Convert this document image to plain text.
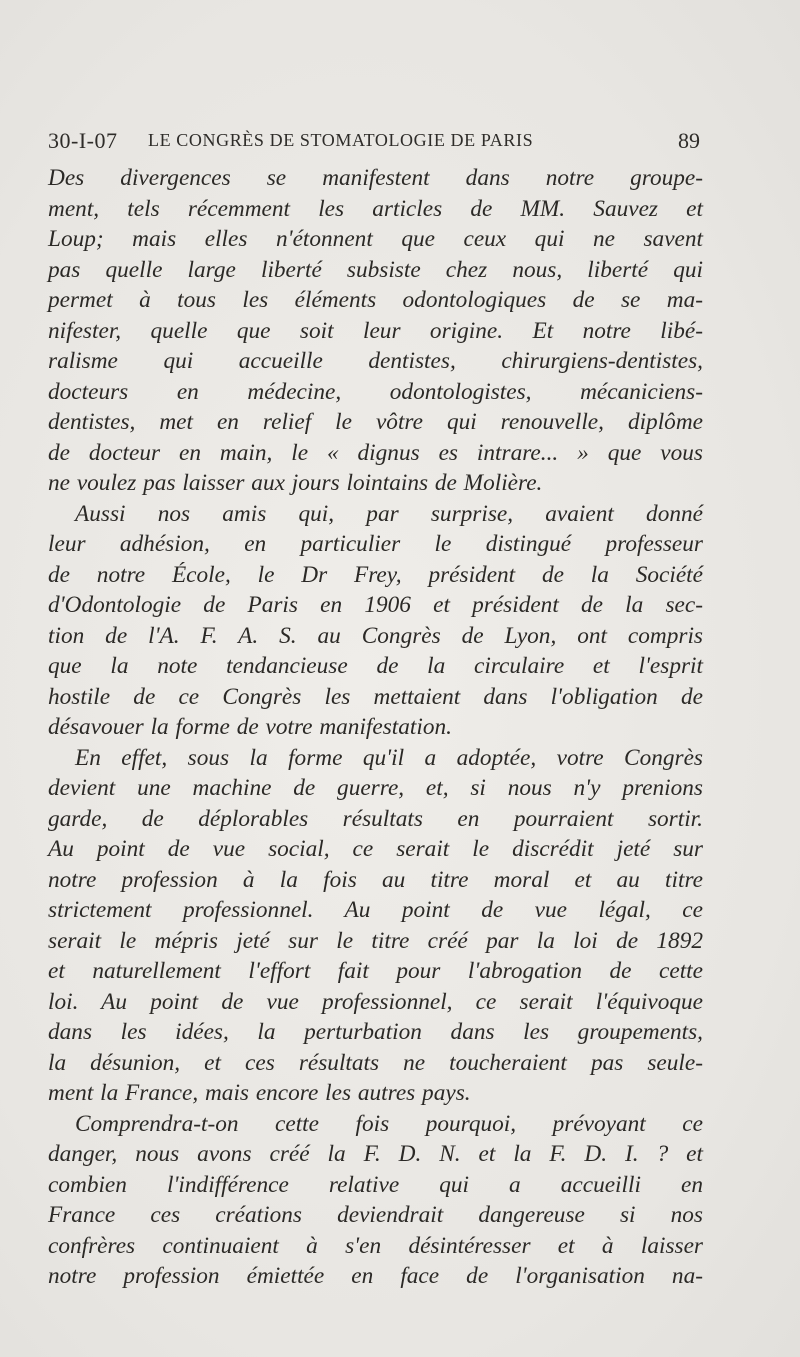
30-I-07 LE CONGRÈS DE STOMATOLOGIE DE PARIS	89
Des divergences se manifestent dans notre groupe-
ment, tels récemment les articles de MM. Sauvez et
Loup; mais elles n'étonnent que ceux qui ne savent
pas quelle large liberté subsiste chez nous, liberté qui
permet à tous les éléments odontologiques de se ma-
nifester, quelle que soit leur origine. Et notre libé-
ralisme qui accueille dentistes, chirurgiens-dentistes,
docteurs en médecine, odontologistes, mécaniciens-
dentistes, met en relief le vôtre qui renouvelle, diplôme
de docteur en main, le « dignus es intrare... » que vous
ne voulez pas laisser aux jours lointains de Molière.
Aussi nos amis qui, par surprise, avaient donné
leur adhésion, en particulier le distingué professeur
de notre École, le Dr Frey, président de la Société
d'Odontologie de Paris en 1906 et président de la sec-
tion de l'A. F. A. S. au Congrès de Lyon, ont compris
que la note tendancieuse de la circulaire et l'esprit
hostile de ce Congrès les mettaient dans l'obligation de
désavouer la forme de votre manifestation.
En effet, sous la forme qu'il a adoptée, votre Congrès
devient une machine de guerre, et, si nous n'y prenions
garde, de déplorables résultats en pourraient sortir.
Au point de vue social, ce serait le discrédit jeté sur
notre profession à la fois au titre moral et au titre
strictement professionnel. Au point de vue légal, ce
serait le mépris jeté sur le titre créé par la loi de 1892
et naturellement l'effort fait pour l'abrogation de cette
loi. Au point de vue professionnel, ce serait l'équivoque
dans les idées, la perturbation dans les groupements,
la désunion, et ces résultats ne toucheraient pas seule-
ment la France, mais encore les autres pays.
Comprendra-t-on cette fois pourquoi, prévoyant ce
danger, nous avons créé la F. D. N. et la F. D. I. ? et
combien l'indifférence relative qui a accueilli en
France ces créations deviendrait dangereuse si nos
confrères continuaient à s'en désintéresser et à laisser
notre profession émiettée en face de l'organisation na-
